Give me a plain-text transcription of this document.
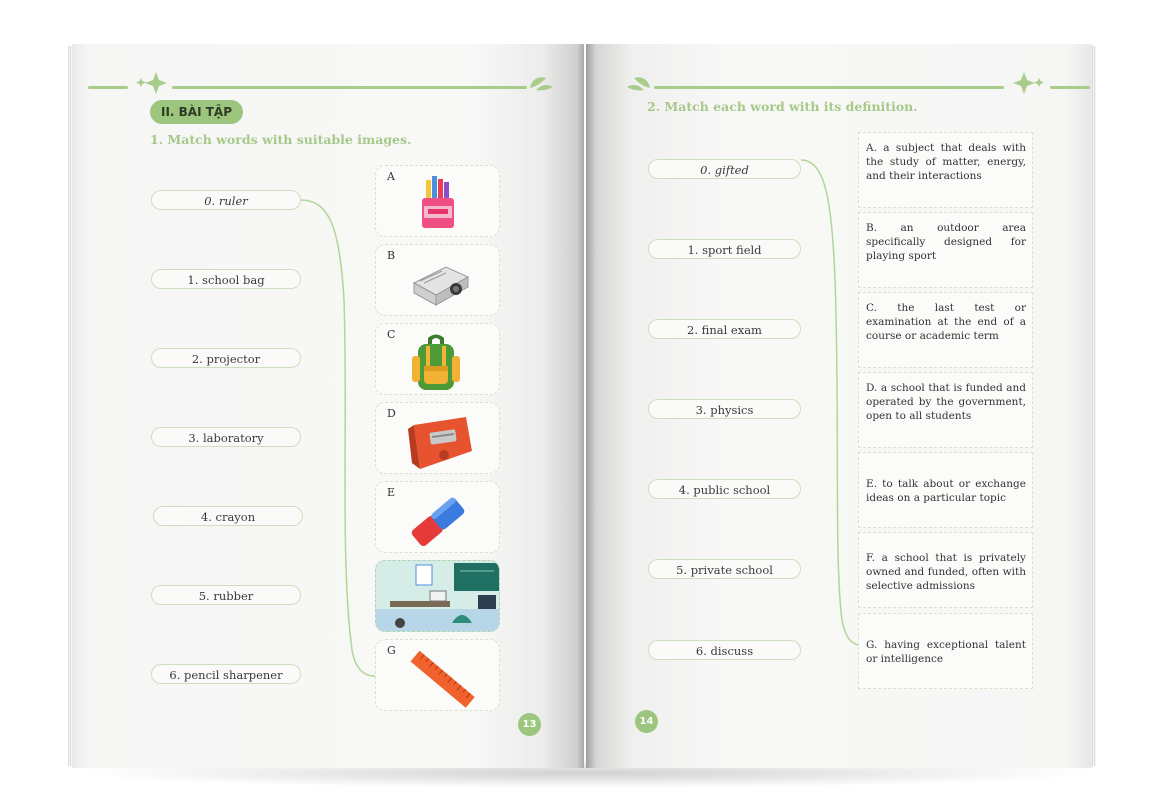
II. BÀI TẬP
1. Match words with suitable images.
0. ruler
1. school bag
2. projector
3. laboratory
4. crayon
5. rubber
6. pencil sharpener
A
B
C
D
E
G
13
2. Match each word with its definition.
0. gifted
1. sport field
2. final exam
3. physics
4. public school
5. private school
6. discuss
A. a subject that deals with the study of matter, energy, and their interactions
B. an outdoor area specifically designed for playing sport
C. the last test or examination at the end of a course or academic term
D. a school that is funded and operated by the government, open to all students
E. to talk about or exchange ideas on a particular topic
F. a school that is privately owned and funded, often with selective admissions
G. having exceptional talent or intelligence
14
